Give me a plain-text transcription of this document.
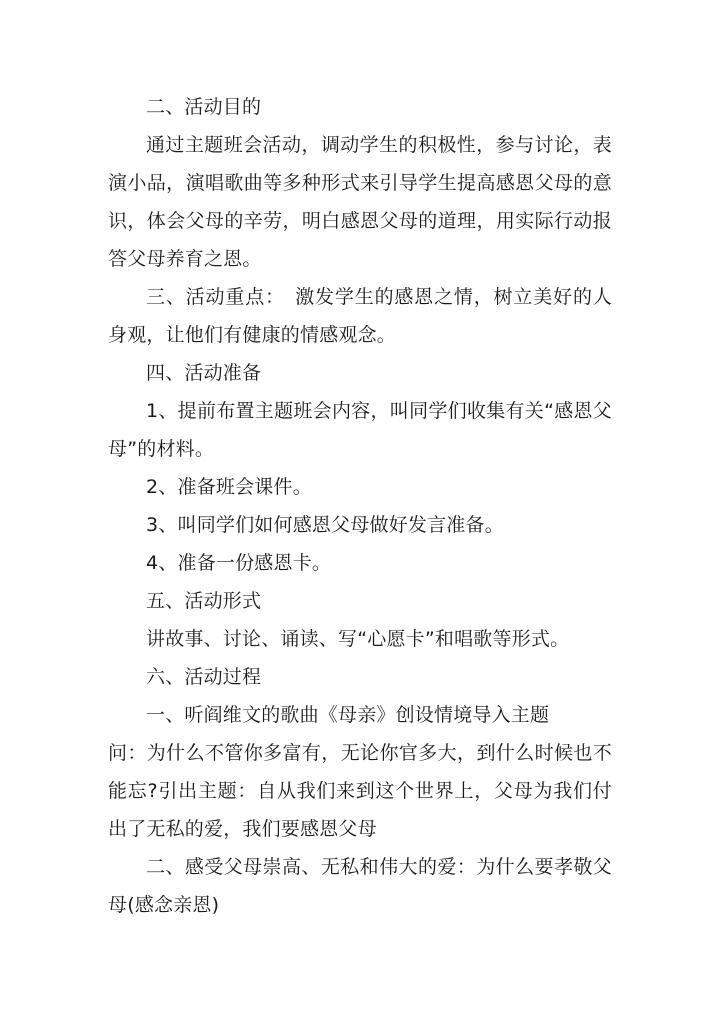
二、活动目的

通过主题班会活动，调动学生的积极性，参与讨论，表演小品，演唱歌曲等多种形式来引导学生提高感恩父母的意识，体会父母的辛劳，明白感恩父母的道理，用实际行动报答父母养育之恩。

三、活动重点：　激发学生的感恩之情，树立美好的人身观，让他们有健康的情感观念。

四、活动准备

1、提前布置主题班会内容，叫同学们收集有关“感恩父母”的材料。

2、准备班会课件。

3、叫同学们如何感恩父母做好发言准备。

4、准备一份感恩卡。

五、活动形式

讲故事、讨论、诵读、写“心愿卡”和唱歌等形式。

六、活动过程

一、听阎维文的歌曲《母亲》创设情境导入主题

问：为什么不管你多富有，无论你官多大，到什么时候也不能忘?引出主题：自从我们来到这个世界上，父母为我们付出了无私的爱，我们要感恩父母

二、感受父母崇高、无私和伟大的爱：为什么要孝敬父母(感念亲恩)
